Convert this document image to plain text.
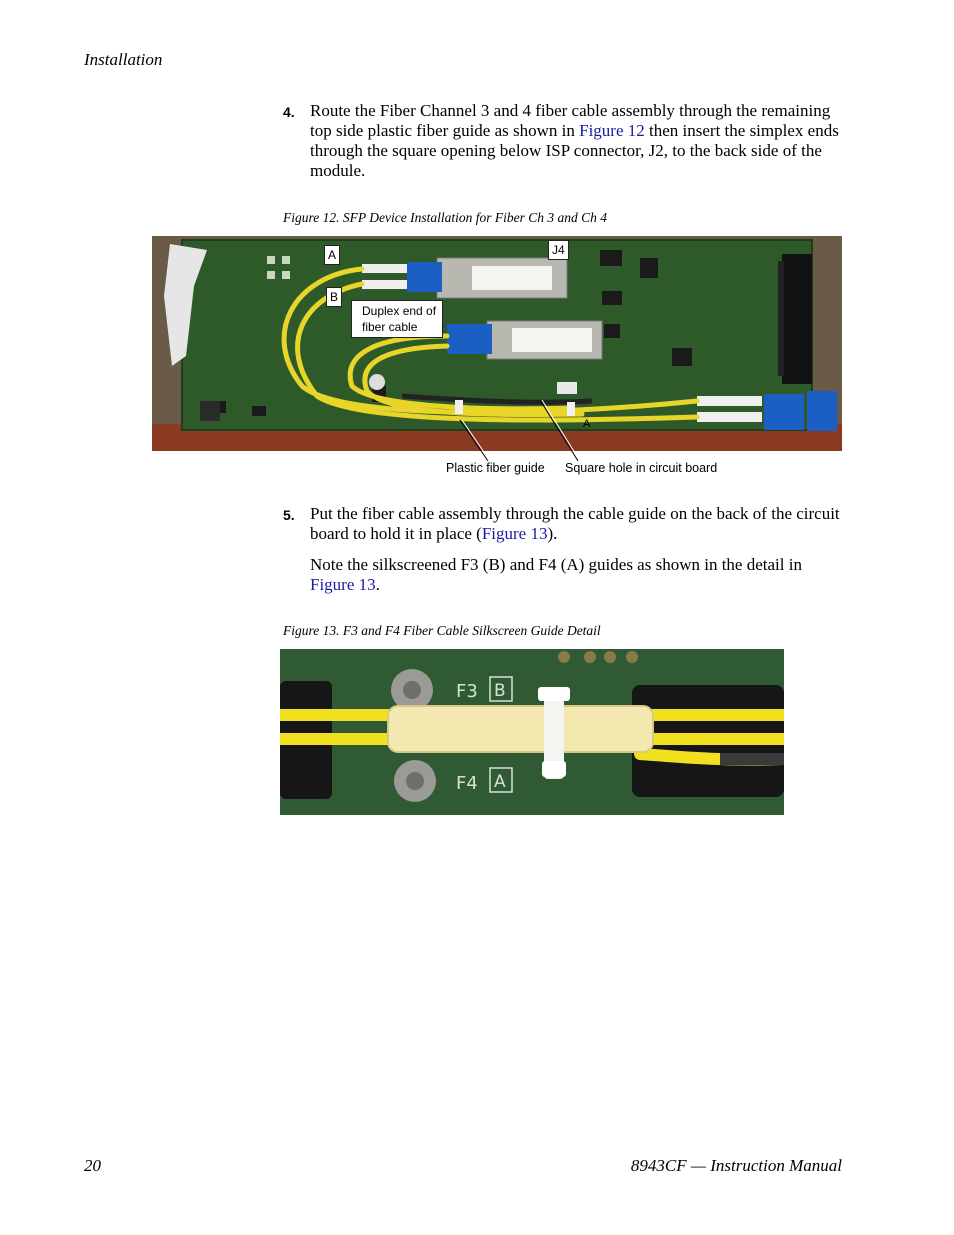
Installation
4. Route the Fiber Channel 3 and 4 fiber cable assembly through the remaining top side plastic fiber guide as shown in Figure 12 then insert the simplex ends through the square opening below ISP connector, J2, to the back side of the module.

Figure 12. SFP Device Installation for Fiber Ch 3 and Ch 4
A	J4
B
Duplex end of
fiber cable
A
Plastic fiber guide Square hole in circuit board
5. Put the fiber cable assembly through the cable guide on the back of the circuit board to hold it in place (Figure 13).

Note the silkscreened F3 (B) and F4 (A) guides as shown in the detail in Figure 13.

Figure 13. F3 and F4 Fiber Cable Silkscreen Guide Detail
F3 B
F4 A
20	8943CF — Instruction Manual
